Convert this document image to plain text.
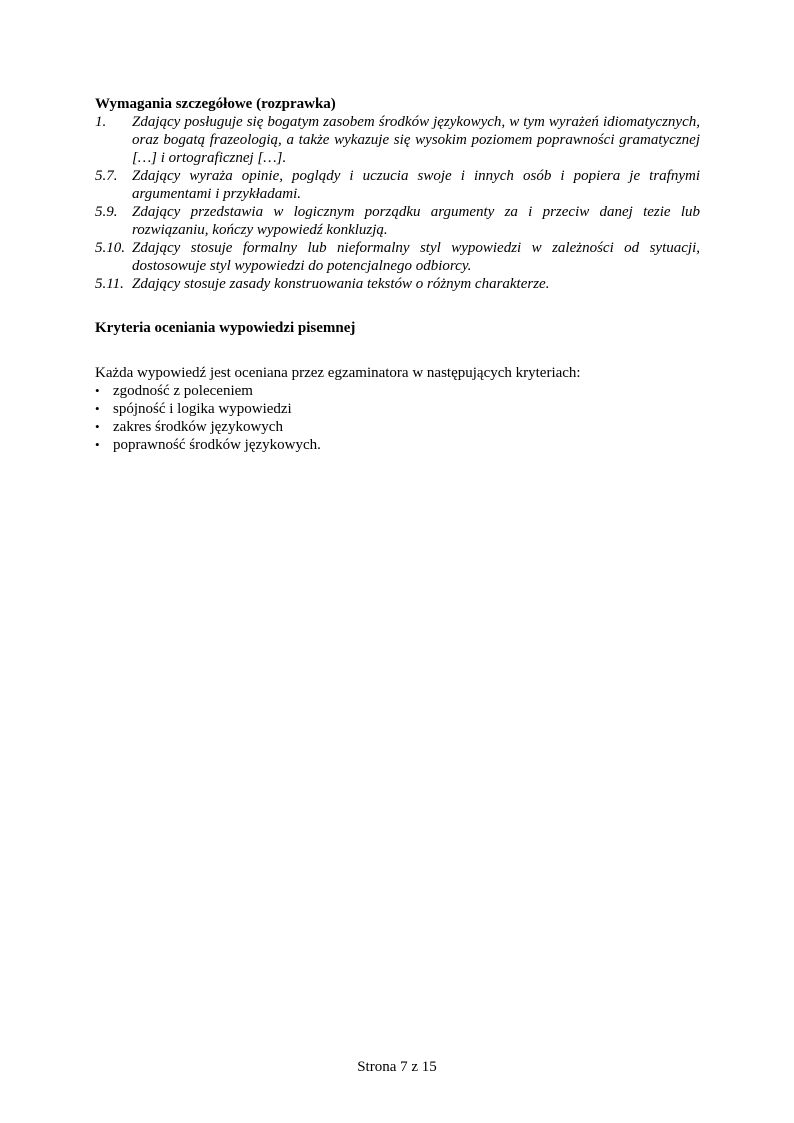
Wymagania szczegółowe (rozprawka)

1.	Zdający posługuje się bogatym zasobem środków językowych, w tym wyrażeń idiomatycznych, oraz bogatą frazeologią, a także wykazuje się wysokim poziomem poprawności gramatycznej […] i ortograficznej […].
5.7. Zdający wyraża opinie, poglądy i uczucia swoje i innych osób i popiera je trafnymi argumentami i przykładami.
5.9. Zdający przedstawia w logicznym porządku argumenty za i przeciw danej tezie lub rozwiązaniu, kończy wypowiedź konkluzją.
5.10. Zdający stosuje formalny lub nieformalny styl wypowiedzi w zależności od sytuacji, dostosowuje styl wypowiedzi do potencjalnego odbiorcy.
5.11. Zdający stosuje zasady konstruowania tekstów o różnym charakterze.

Kryteria oceniania wypowiedzi pisemnej

Każda wypowiedź jest oceniana przez egzaminatora w następujących kryteriach:

• zgodność z poleceniem
• spójność i logika wypowiedzi
• zakres środków językowych
• poprawność środków językowych.
Strona 7 z 15
